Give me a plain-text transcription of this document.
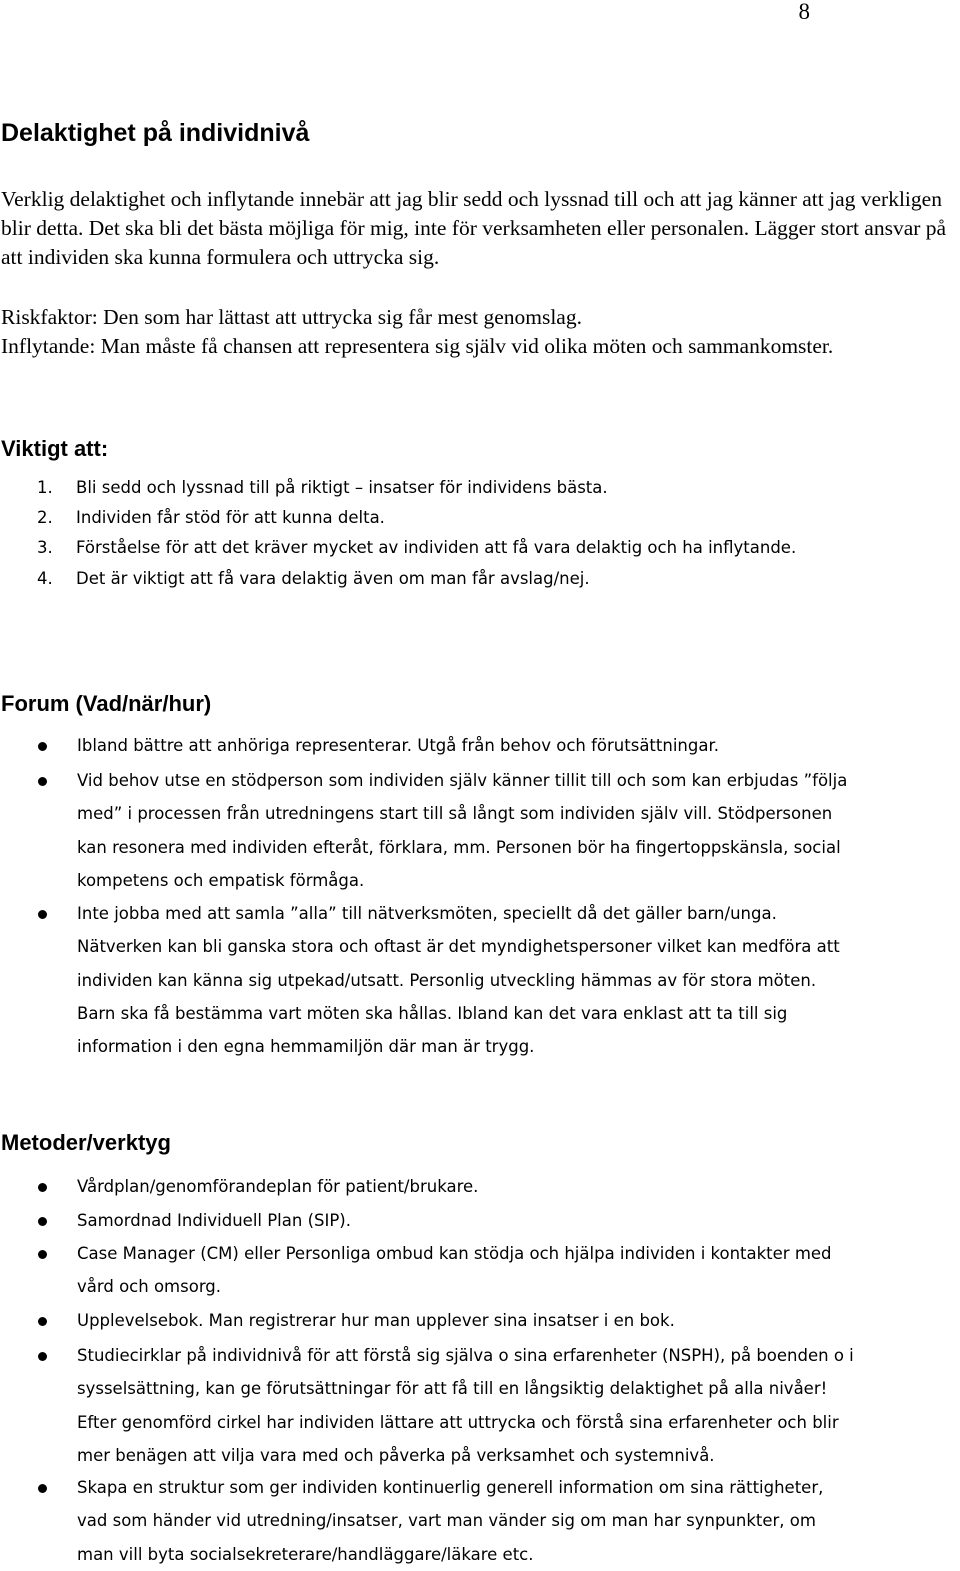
8
Delaktighet på individnivå

Verklig delaktighet och inflytande innebär att jag blir sedd och lyssnad till och att jag känner att jag verkligen blir detta. Det ska bli det bästa möjliga för mig, inte för verksamheten eller personalen. Lägger stort ansvar på att individen ska kunna formulera och uttrycka sig.

Riskfaktor: Den som har lättast att uttrycka sig får mest genomslag.

Inflytande: Man måste få chansen att representera sig själv vid olika möten och sammankomster.

Viktigt att:
1. Bli sedd och lyssnad till på riktigt – insatser för individens bästa.
2. Individen får stöd för att kunna delta.
3. Förståelse för att det kräver mycket av individen att få vara delaktig och ha inflytande.
4. Det är viktigt att få vara delaktig även om man får avslag/nej.
Forum (Vad/när/hur)
Ibland bättre att anhöriga representerar. Utgå från behov och förutsättningar.
Vid behov utse en stödperson som individen själv känner tillit till och som kan erbjudas ”följa
med” i processen från utredningens start till så långt som individen själv vill. Stödpersonen
kan resonera med individen efteråt, förklara, mm. Personen bör ha fingertoppskänsla, social
kompetens och empatisk förmåga.
Inte jobba med att samla ”alla” till nätverksmöten, speciellt då det gäller barn/unga.
Nätverken kan bli ganska stora och oftast är det myndighetspersoner vilket kan medföra att
individen kan känna sig utpekad/utsatt. Personlig utveckling hämmas av för stora möten.
Barn ska få bestämma vart möten ska hållas. Ibland kan det vara enklast att ta till sig
information i den egna hemmamiljön där man är trygg.
Metoder/verktyg
Vårdplan/genomförandeplan för patient/brukare.
Samordnad Individuell Plan (SIP).
Case Manager (CM) eller Personliga ombud kan stödja och hjälpa individen i kontakter med
vård och omsorg.
Upplevelsebok. Man registrerar hur man upplever sina insatser i en bok.
Studiecirklar på individnivå för att förstå sig själva o sina erfarenheter (NSPH), på boenden o i
sysselsättning, kan ge förutsättningar för att få till en långsiktig delaktighet på alla nivåer!
Efter genomförd cirkel har individen lättare att uttrycka och förstå sina erfarenheter och blir
mer benägen att vilja vara med och påverka på verksamhet och systemnivå.
Skapa en struktur som ger individen kontinuerlig generell information om sina rättigheter,
vad som händer vid utredning/insatser, vart man vänder sig om man har synpunkter, om
man vill byta socialsekreterare/handläggare/läkare etc.
